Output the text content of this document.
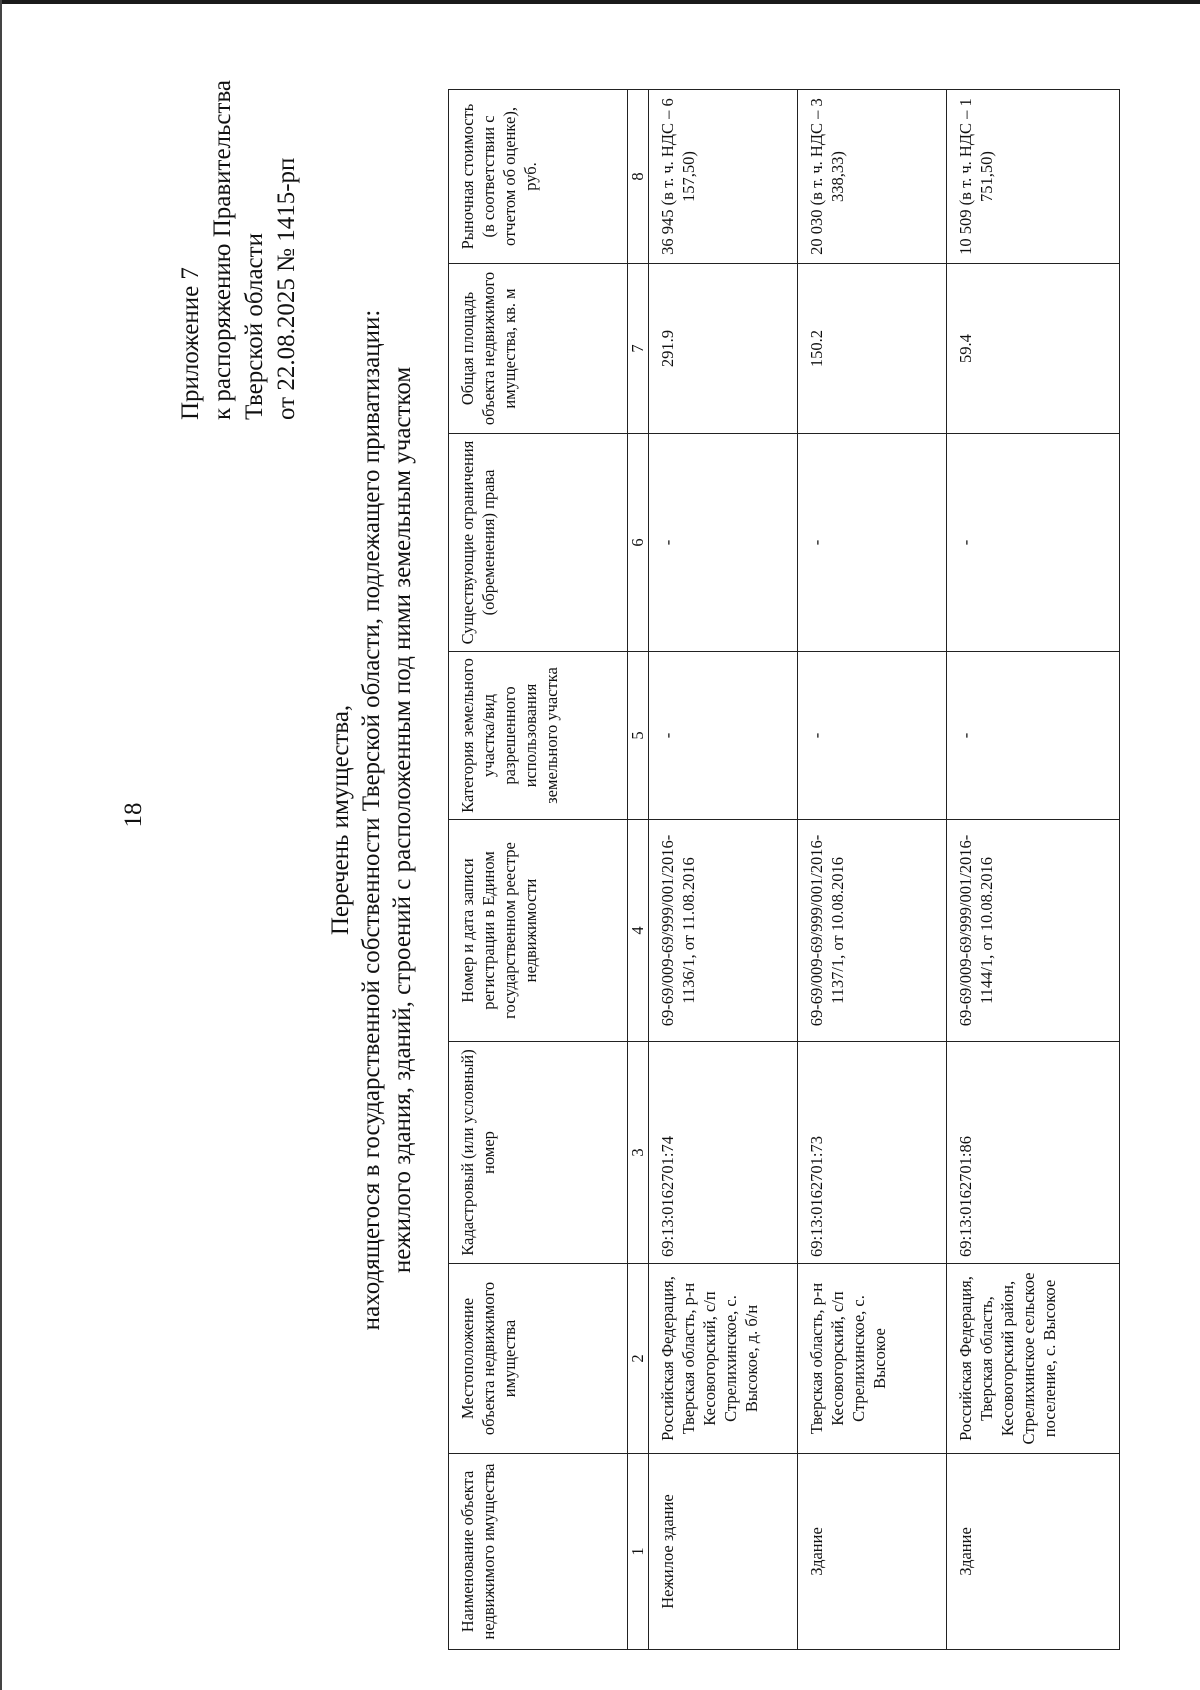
18
Приложение 7 к распоряжению Правительства Тверской области от 22.08.2025 № 1415-рп
Перечень имущества, находящегося в государственной собственности Тверской области, подлежащего приватизации: нежилого здания, зданий, строений с расположенным под ними земельным участком
Наименование объекта недвижимого имущества	Местоположение объекта недвижимого имущества	Кадастровый (или условный) номер	Номер и дата записи регистрации в Едином государственном реестре недвижимости	Категория земельного участка/вид разрешенного использования земельного участка	Существующие ограничения (обременения) права	Общая площадь объекта недвижимого имущества, кв. м	Рыночная стоимость (в соответствии с отчетом об оценке), руб.
1	2	3	4	5	6	7	8
Нежилое здание	Российская Федерация, Тверская область, р-н Кесовогорский, с/п Стрелихинское, с. Высокое, д. б/н	69:13:0162701:74	69-69/009-69/999/001/2016-1136/1, от 11.08.2016	-	-	291.9	36 945 (в т. ч. НДС – 6 157,50)
Здание	Тверская область, р-н Кесовогорский, с/п Стрелихинское, с. Высокое	69:13:0162701:73	69-69/009-69/999/001/2016-1137/1, от 10.08.2016	-	-	150.2	20 030 (в т. ч. НДС – 3 338,33)
Здание	Российская Федерация, Тверская область, Кесовогорский район, Стрелихинское сельское поселение, с. Высокое	69:13:0162701:86	69-69/009-69/999/001/2016-1144/1, от 10.08.2016	-	-	59.4	10 509 (в т. ч. НДС – 1 751,50)
